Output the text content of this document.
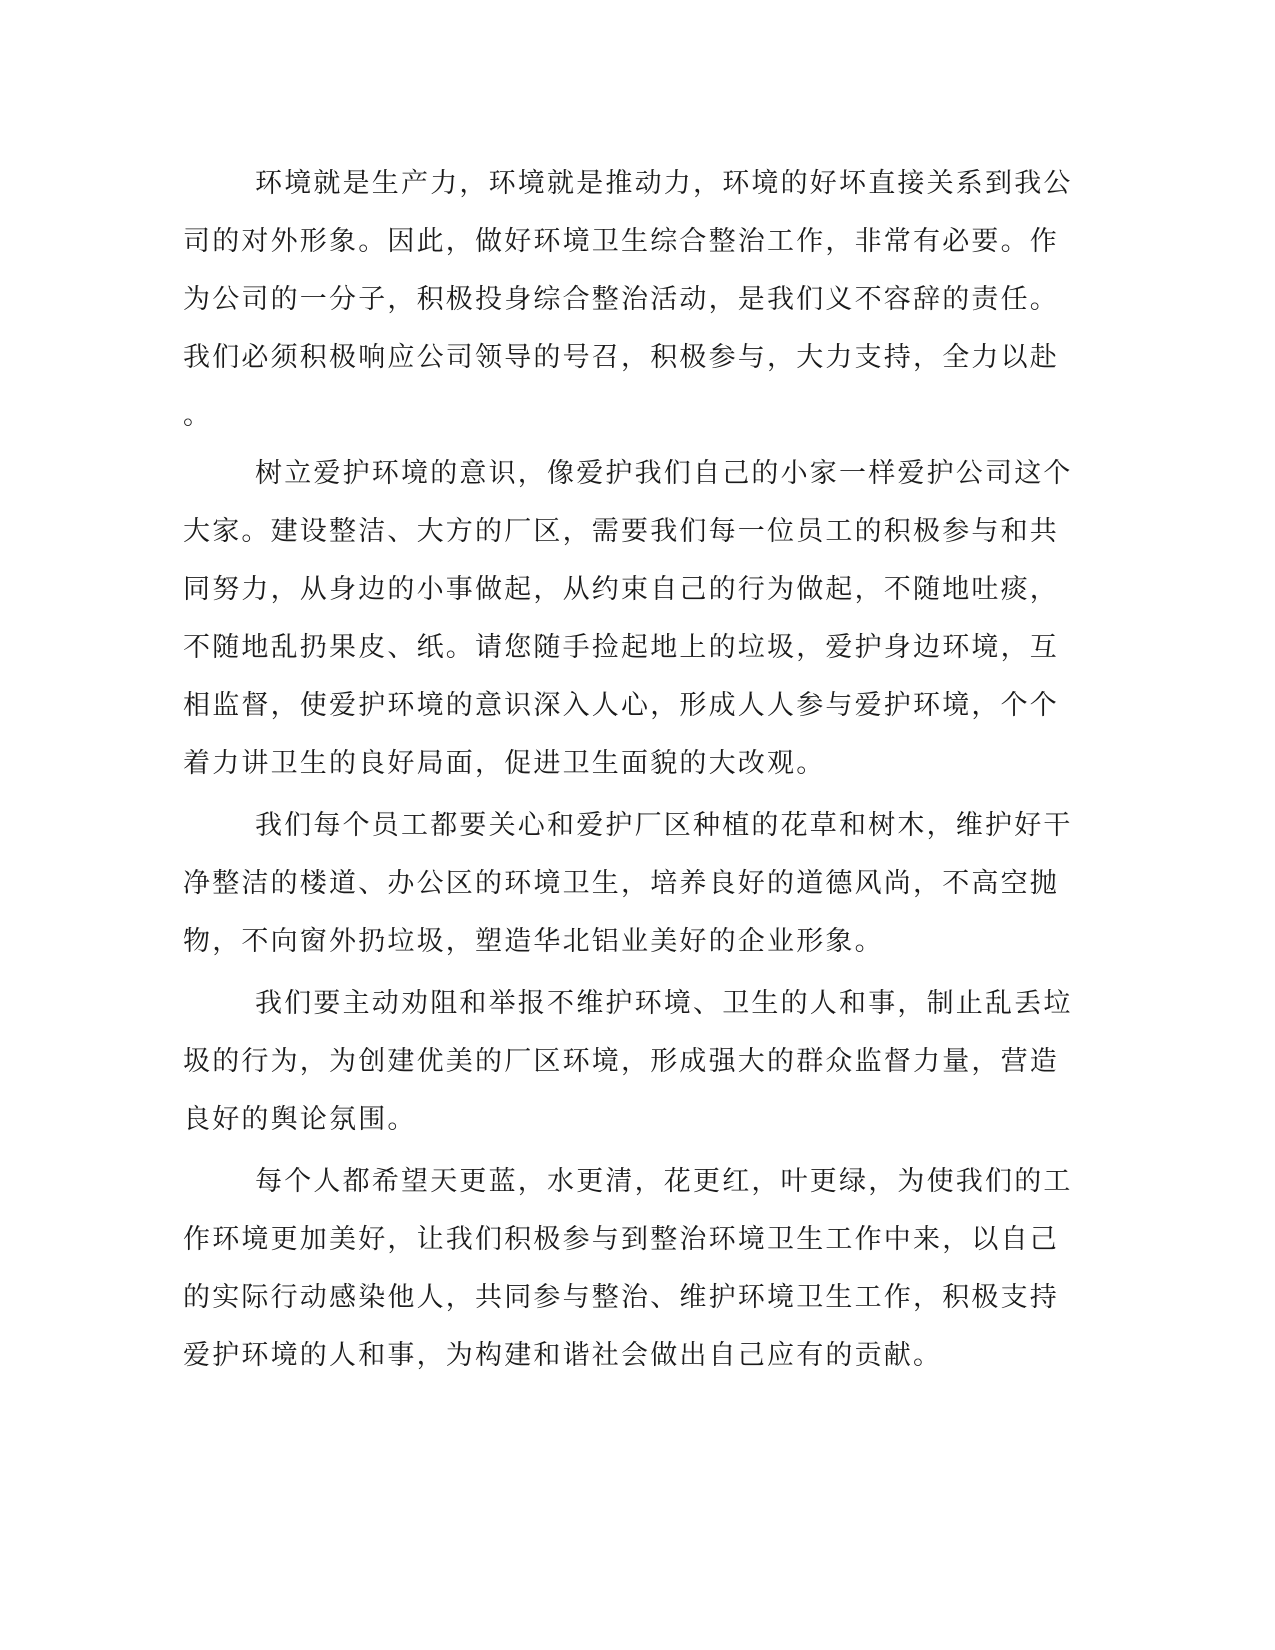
环境就是生产力，环境就是推动力，环境的好坏直接关系到我公
司的对外形象。因此，做好环境卫生综合整治工作，非常有必要。作
为公司的一分子，积极投身综合整治活动，是我们义不容辞的责任。
我们必须积极响应公司领导的号召，积极参与，大力支持，全力以赴
。
树立爱护环境的意识，像爱护我们自己的小家一样爱护公司这个
大家。建设整洁、大方的厂区，需要我们每一位员工的积极参与和共
同努力，从身边的小事做起，从约束自己的行为做起，不随地吐痰，
不随地乱扔果皮、纸。请您随手捡起地上的垃圾，爱护身边环境，互
相监督，使爱护环境的意识深入人心，形成人人参与爱护环境，个个
着力讲卫生的良好局面，促进卫生面貌的大改观。
我们每个员工都要关心和爱护厂区种植的花草和树木，维护好干
净整洁的楼道、办公区的环境卫生，培养良好的道德风尚，不高空抛
物，不向窗外扔垃圾，塑造华北铝业美好的企业形象。
我们要主动劝阻和举报不维护环境、卫生的人和事，制止乱丢垃
圾的行为，为创建优美的厂区环境，形成强大的群众监督力量，营造
良好的舆论氛围。
每个人都希望天更蓝，水更清，花更红，叶更绿，为使我们的工
作环境更加美好，让我们积极参与到整治环境卫生工作中来，以自己
的实际行动感染他人，共同参与整治、维护环境卫生工作，积极支持
爱护环境的人和事，为构建和谐社会做出自己应有的贡献。
